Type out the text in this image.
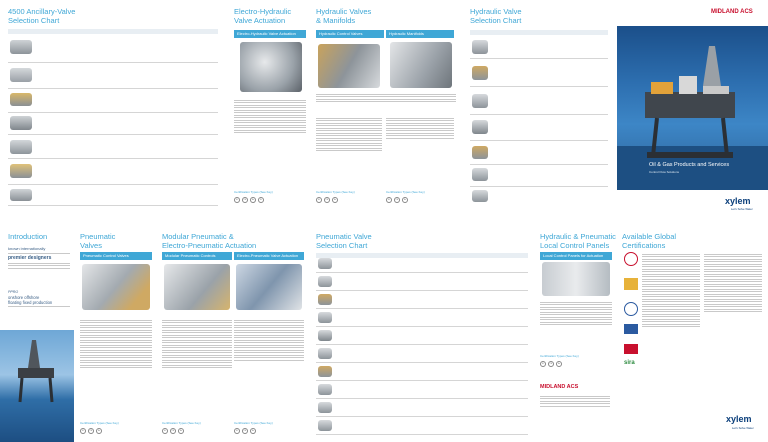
4500 Ancillary-Valve
Selection Chart
Electro-Hydraulic
Valve Actuation
Electro-Hydraulic Valve Actuation
Certification Types (See Key)
UL	CE	Ex	IE
Hydraulic Valves
& Manifolds
Hydraulic Control Valves	Hydraulic Manifolds
Certification Types (See Key)	Certification Types (See Key)
UL	CE	Ex	UL	CE	Ex
Hydraulic Valve
Selection Chart
MIDLAND ACS
Oil & Gas Products and Services
Control Flow Solutions
xylem
Let's Solve Water
Introduction
known internationally
premier designers
PPRO
onshore offshore
floating fixed production
Pneumatic
Valves
Pneumatic Control Valves
Certification Types (See Key)
UL	CE	Ex
Modular Pneumatic &
Electro-Pneumatic Actuation
Modular Pneumatic Controls	Electro-Pneumatic Valve Actuation
Certification Types (See Key)	Certification Types (See Key)
UL	CE	Ex	UL	CE	Ex
Pneumatic Valve
Selection Chart
Hydraulic & Pneumatic
Local Control Panels
Local Control Panels for Actuation
Certification Types (See Key)
UL	CE	Ex
MIDLAND ACS
Available Global
Certifications
sira
xylem
Let's Solve Water
